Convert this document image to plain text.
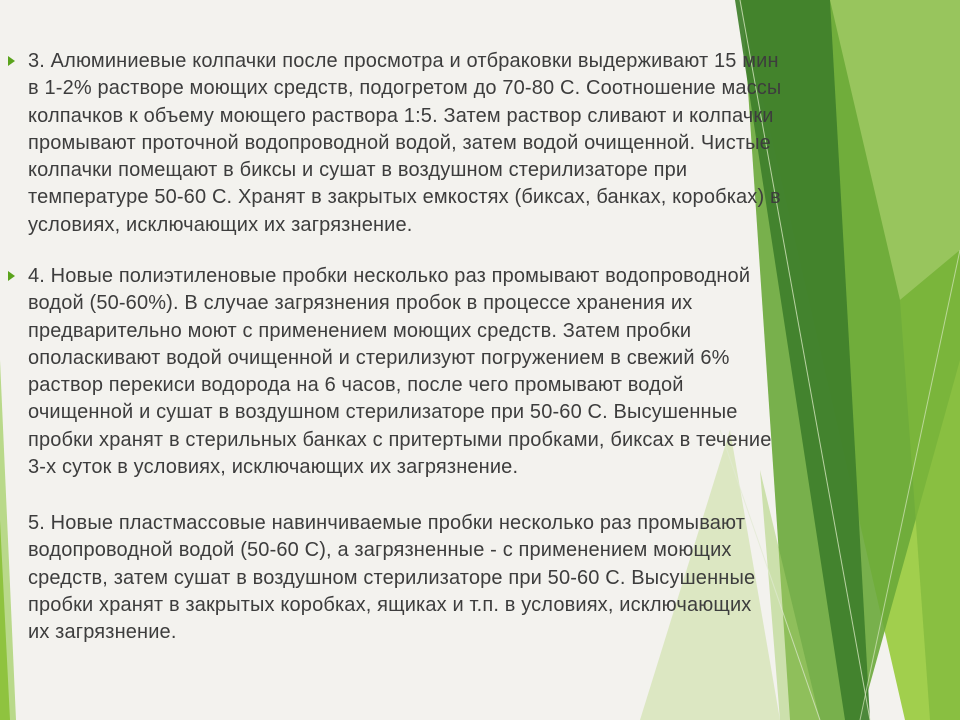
3. Алюминиевые колпачки после просмотра и отбраковки выдерживают 15 мин
в 1-2% растворе моющих средств, подогретом до 70-80 С. Соотношение массы
колпачков к объему моющего раствора 1:5. Затем раствор сливают и колпачки
промывают проточной водопроводной водой, затем водой очищенной. Чистые
колпачки помещают в биксы и сушат в воздушном стерилизаторе при
температуре 50-60 С. Хранят в закрытых емкостях (биксах, банках, коробках) в
условиях, исключающих их загрязнение.
4. Новые полиэтиленовые пробки несколько раз промывают водопроводной
водой (50-60%). В случае загрязнения пробок в процессе хранения их
предварительно моют с применением моющих средств. Затем пробки
ополаскивают водой очищенной и стерилизуют погружением в свежий 6%
раствор перекиси водорода на 6 часов, после чего промывают водой
очищенной и сушат в воздушном стерилизаторе при 50-60 С. Высушенные
пробки хранят в стерильных банках с притертыми пробками, биксах в течение
3-х суток в условиях, исключающих их загрязнение.
5. Новые пластмассовые навинчиваемые пробки несколько раз промывают
водопроводной водой (50-60 С), а загрязненные - с применением моющих
средств, затем сушат в воздушном стерилизаторе при 50-60 С. Высушенные
пробки хранят в закрытых коробках, ящиках и т.п. в условиях, исключающих
их загрязнение.
